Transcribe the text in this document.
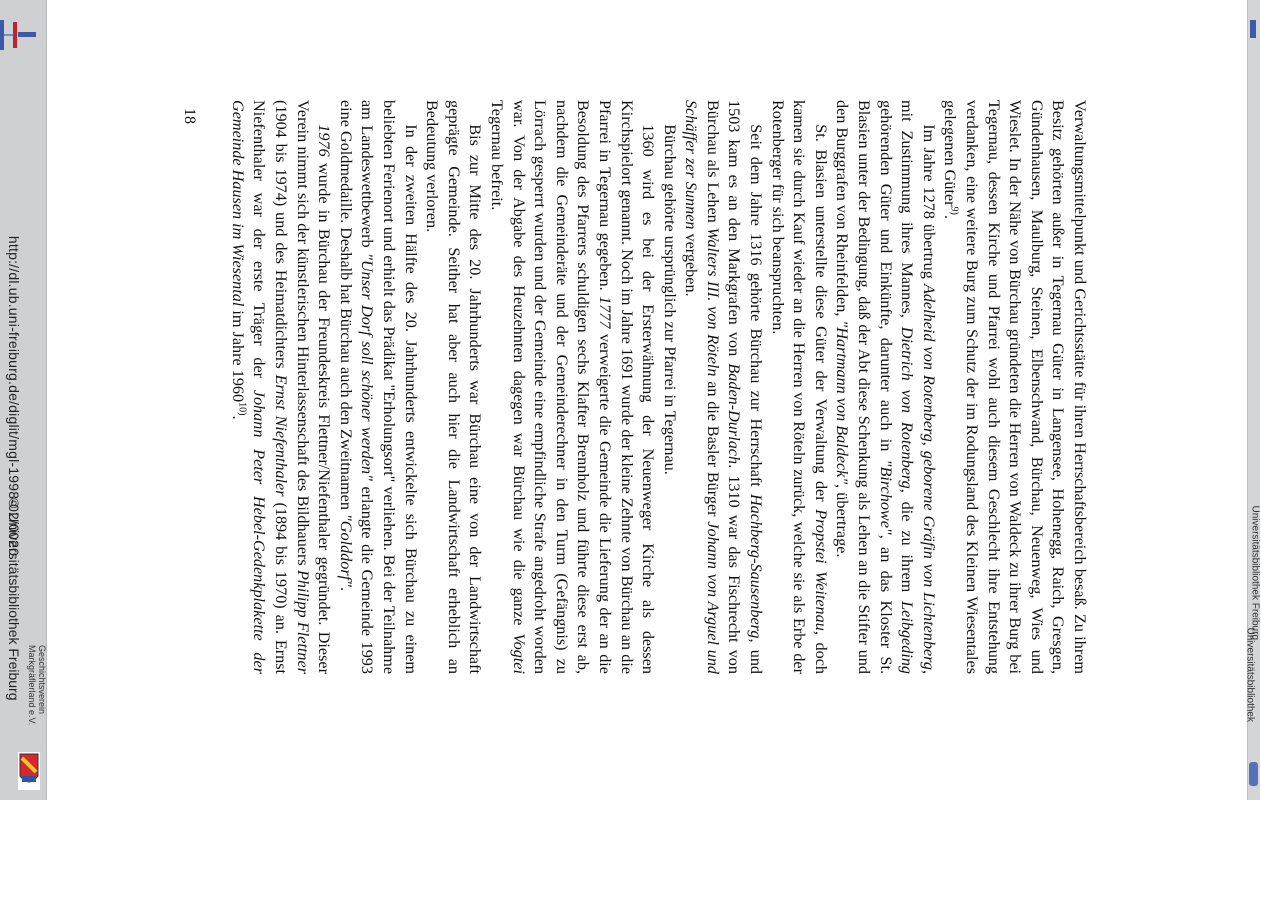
http://dl.ub.uni-freiburg.de/diglit/mgl-1998-02/0020
© Universitätsbibliothek Freiburg	Geschichtsverein
Markgräflerland e.V.
Universitätsbibliothek Freiburg
Universitätsbibliothek

Verwaltungsmittelpunkt und Gerichtsstätte für ihren Herrschaftsbereich besaß. Zu ihrem Besitz gehörten außer in Tegernau Güter in Langensee, Hohenegg, Raich, Gresgen, Gündenhausen, Maulburg, Steinen, Elbenschwand, Bürchau, Neuenweg, Wies und Wieslet. In der Nähe von Bürchau gründeten die Herren von Waldeck zu ihrer Burg bei Tegernau, dessen Kirche und Pfarrei wohl auch diesem Geschlecht ihre Entstehung verdanken, eine weitere Burg zum Schutz der im Rodungsland des Kleinen Wiesentales gelegenen Güter$^{9)}$.

Im Jahre 1278 übertrug Adelheid von Rotenberg, geborene Gräfin von Lichtenberg, mit Zustimmung ihres Mannes, Dietrich von Rotenberg, die zu ihrem Leibgeding gehörenden Güter und Einkünfte, darunter auch in "Birchowe", an das Kloster St. Blasien unter der Bedingung, daß der Abt diese Schenkung als Lehen an die Stifter und den Burggrafen von Rheinfelden, "Hartmann von Baldeck", übertrage.

St. Blasien unterstellte diese Güter der Verwaltung der Propstei Weitenau, doch kamen sie durch Kauf wieder an die Herren von Röteln zurück, welche sie als Erbe der Rotenberger für sich beanspruchten.

Seit dem Jahre 1316 gehörte Bürchau zur Herrschaft Hachberg-Sausenberg, und 1503 kam es an den Markgrafen von Baden-Durlach. 1310 war das Fischrecht von Bürchau als Lehen Walters III. von Röteln an die Basler Bürger Johann von Arguel und Schäffer zer Sunnen vergeben.

Bürchau gehörte ursprünglich zur Pfarrei in Tegernau.

1360 wird es bei der Ersterwähnung der Neuenweger Kirche als dessen Kirchspielort genannt. Noch im Jahre 1691 wurde der kleine Zehnte von Bürchau an die Pfarrei in Tegernau gegeben. 1777 verweigerte die Gemeinde die Lieferung der an die Besoldung des Pfarrers schuldigen sechs Klafter Brennholz und führte diese erst ab, nachdem die Gemeinderäte und der Gemeinderechner in den Turm (Gefängnis) zu Lörrach gesperrt wurden und der Gemeinde eine empfindliche Strafe angedroht worden war. Von der Abgabe des Heuzehnten dagegen war Bürchau wie die ganze Vogtei Tegernau befreit.

Bis zur Mitte des 20. Jahrhunderts war Bürchau eine von der Landwirtschaft geprägte Gemeinde. Seither hat aber auch hier die Landwirtschaft erheblich an Bedeutung verloren.

In der zweiten Hälfte des 20. Jahrhunderts entwickelte sich Bürchau zu einem beliebten Ferienort und erhielt das Prädikat "Erholungsort" verliehen. Bei der Teilnahme am Landeswettbewerb "Unser Dorf soll schöner werden" erlangte die Gemeinde 1993 eine Goldmedaille. Deshalb hat Bürchau auch den Zweitnamen "Golddorf".

1976 wurde in Bürchau der Freundeskreis Flettner/Niefenthaler gegründet. Dieser Verein nimmt sich der künstlerischen Hinterlassenschaft des Bildhauers Philipp Flettner (1904 bis 1974) und des Heimatdichters Ernst Niefenthaler (1894 bis 1970) an. Ernst Niefenthaler war der erste Träger der Johann Peter Hebel-Gedenkplakette der Gemeinde Hausen im Wiesental im Jahre 1960$^{10)}$.

18
